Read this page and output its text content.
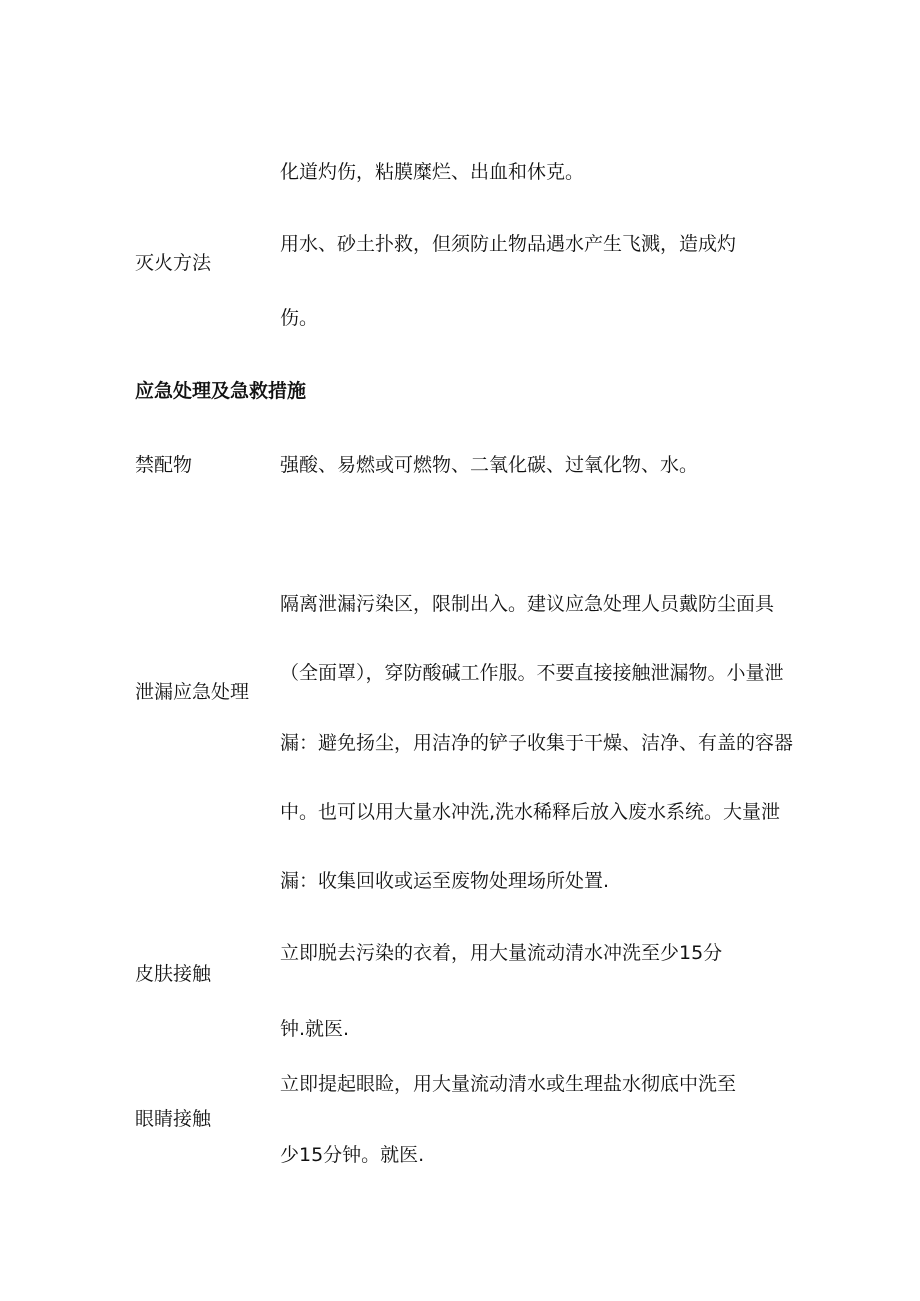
化道灼伤，粘膜糜烂、出血和休克。
灭火方法
用水、砂土扑救，但须防止物品遇水产生飞溅，造成灼
伤。
应急处理及急救措施
禁配物	强酸、易燃或可燃物、二氧化碳、过氧化物、水。
泄漏应急处理
隔离泄漏污染区，限制出入。建议应急处理人员戴防尘面具
（全面罩），穿防酸碱工作服。不要直接接触泄漏物。小量泄
漏：避免扬尘，用洁净的铲子收集于干燥、洁净、有盖的容器
中。也可以用大量水冲洗,洗水稀释后放入废水系统。大量泄
漏：收集回收或运至废物处理场所处置.
皮肤接触
立即脱去污染的衣着，用大量流动清水冲洗至少15分
钟.就医.
眼睛接触
立即提起眼睑，用大量流动清水或生理盐水彻底中洗至
少15分钟。就医.
